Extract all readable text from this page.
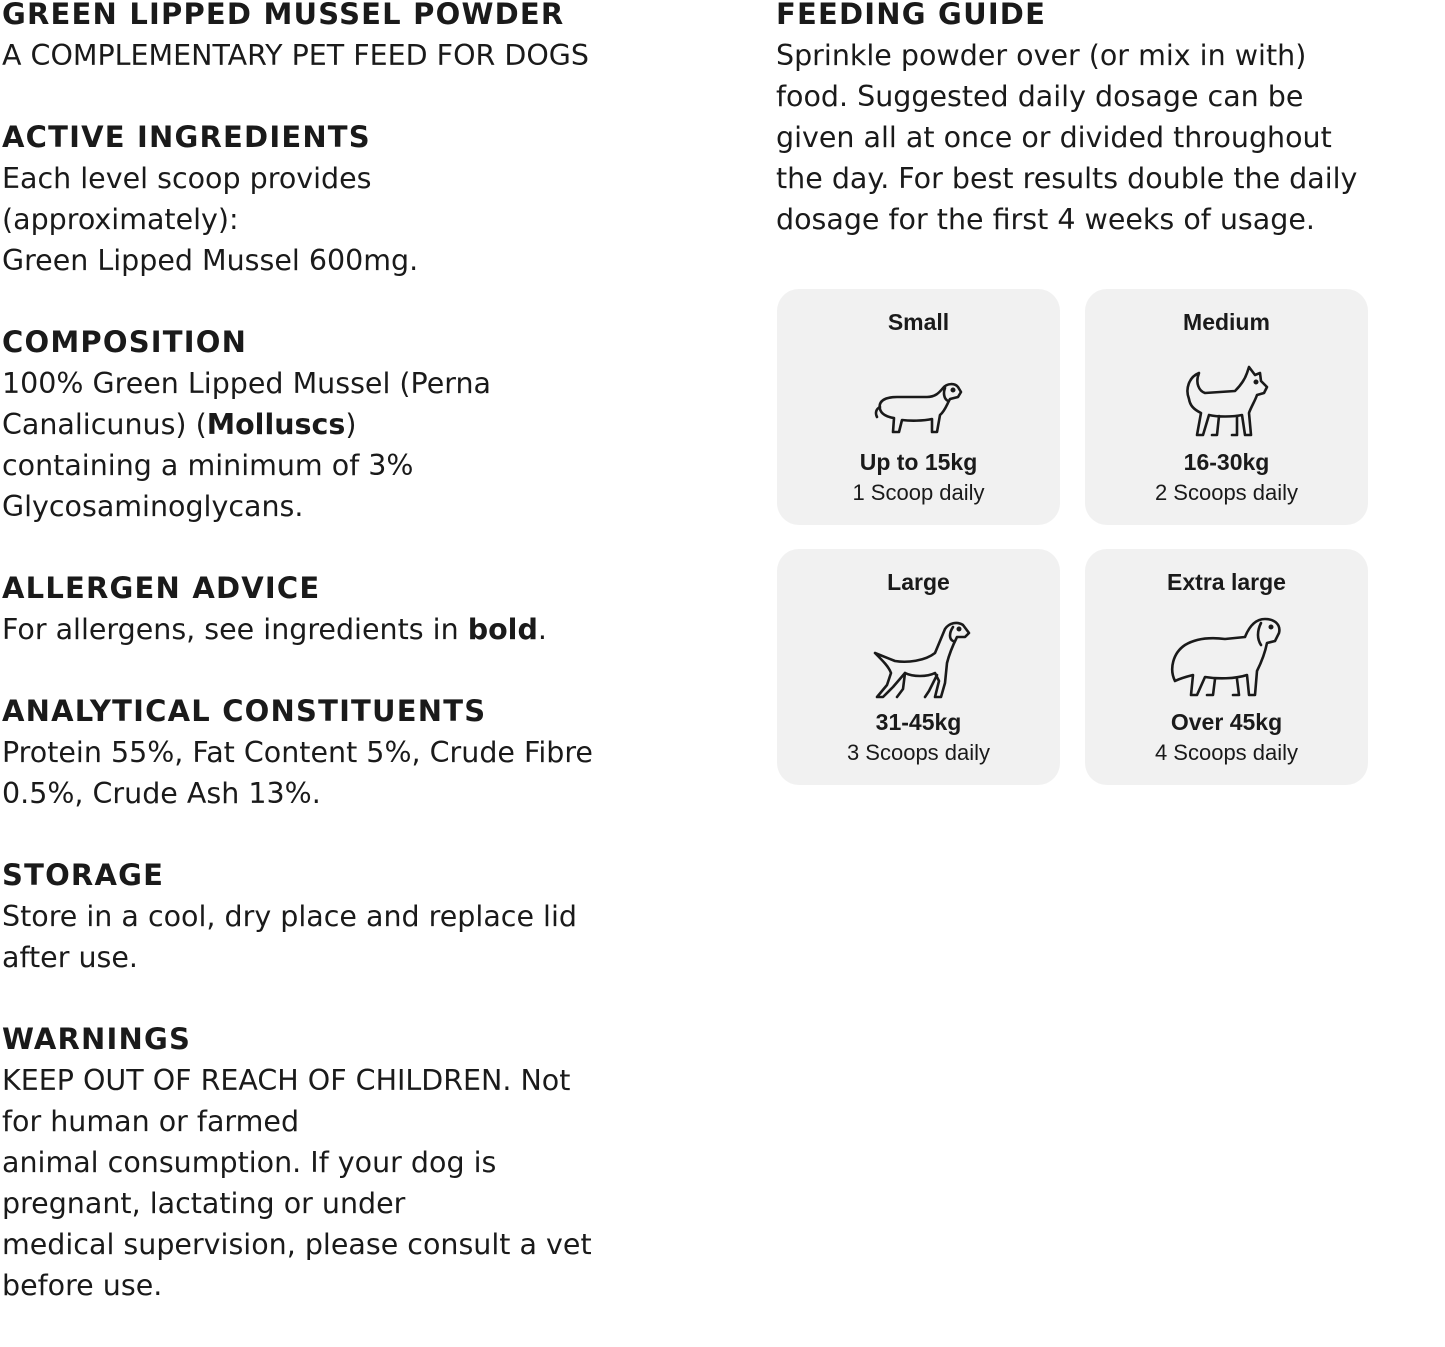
GREEN LIPPED MUSSEL POWDER

A COMPLEMENTARY PET FEED FOR DOGS

ACTIVE INGREDIENTS

Each level scoop provides
(approximately):
Green Lipped Mussel 600mg.

COMPOSITION

100% Green Lipped Mussel (Perna
Canalicunus) (Molluscs)
containing a minimum of 3%
Glycosaminoglycans.

ALLERGEN ADVICE

For allergens, see ingredients in bold.

ANALYTICAL CONSTITUENTS

Protein 55%, Fat Content 5%, Crude Fibre
0.5%, Crude Ash 13%.

STORAGE

Store in a cool, dry place and replace lid
after use.

WARNINGS

KEEP OUT OF REACH OF CHILDREN. Not
for human or farmed
animal consumption. If your dog is
pregnant, lactating or under
medical supervision, please consult a vet
before use.

FEEDING GUIDE

Sprinkle powder over (or mix in with)
food. Suggested daily dosage can be
given all at once or divided throughout
the day. For best results double the daily
dosage for the first 4 weeks of usage.

Small
Up to 15kg
1 Scoop daily
Medium
16-30kg
2 Scoops daily
Large
31-45kg
3 Scoops daily
Extra large
Over 45kg
4 Scoops daily
